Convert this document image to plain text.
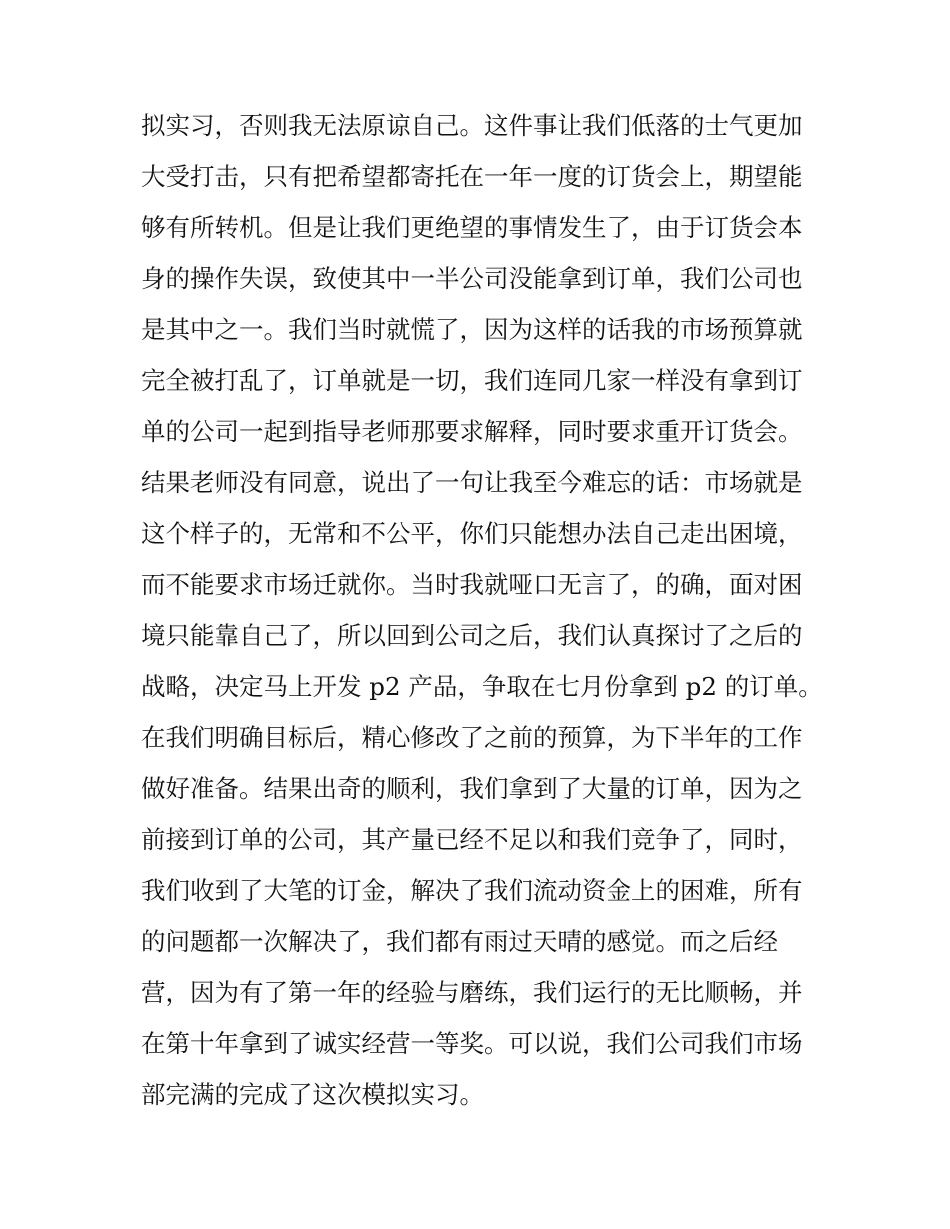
拟实习，否则我无法原谅自己。这件事让我们低落的士气更加
大受打击，只有把希望都寄托在一年一度的订货会上，期望能
够有所转机。但是让我们更绝望的事情发生了，由于订货会本
身的操作失误，致使其中一半公司没能拿到订单，我们公司也
是其中之一。我们当时就慌了，因为这样的话我的市场预算就
完全被打乱了，订单就是一切，我们连同几家一样没有拿到订
单的公司一起到指导老师那要求解释，同时要求重开订货会。
结果老师没有同意，说出了一句让我至今难忘的话：市场就是
这个样子的，无常和不公平，你们只能想办法自己走出困境，
而不能要求市场迁就你。当时我就哑口无言了，的确，面对困
境只能靠自己了，所以回到公司之后，我们认真探讨了之后的
战略，决定马上开发 p2 产品，争取在七月份拿到 p2 的订单。
在我们明确目标后，精心修改了之前的预算，为下半年的工作
做好准备。结果出奇的顺利，我们拿到了大量的订单，因为之
前接到订单的公司，其产量已经不足以和我们竞争了，同时，
我们收到了大笔的订金，解决了我们流动资金上的困难，所有
的问题都一次解决了，我们都有雨过天晴的感觉。而之后经
营，因为有了第一年的经验与磨练，我们运行的无比顺畅，并
在第十年拿到了诚实经营一等奖。可以说，我们公司我们市场
部完满的完成了这次模拟实习。
